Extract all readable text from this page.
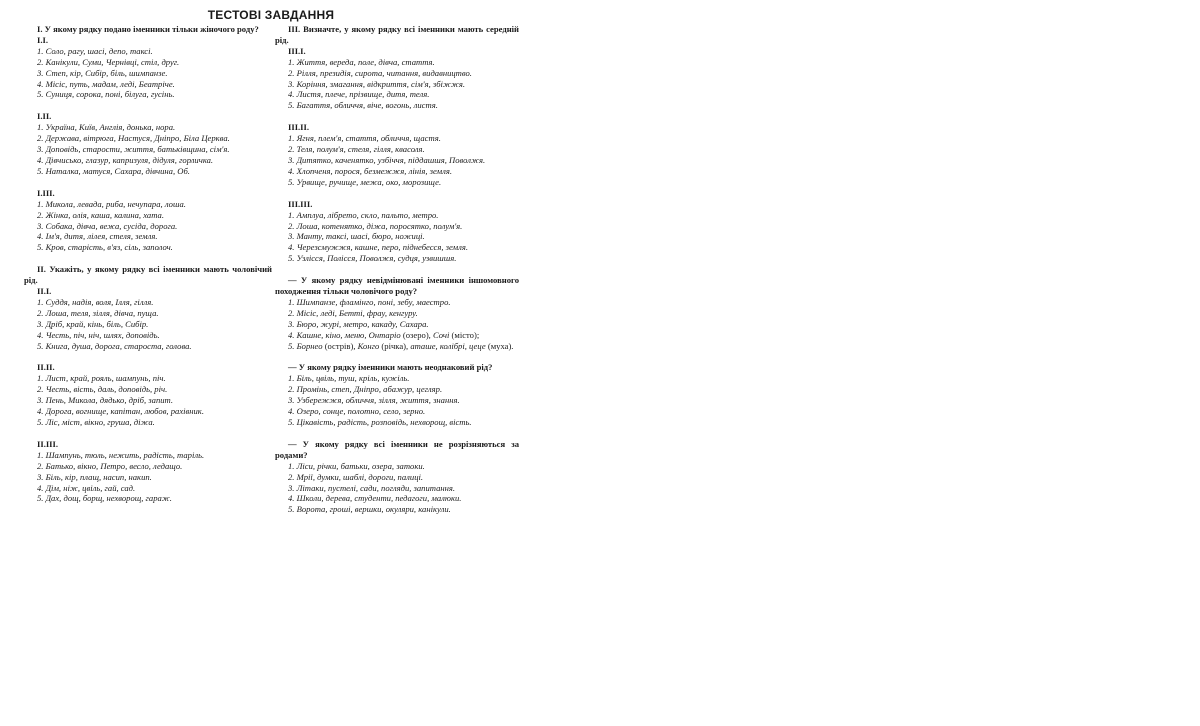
ТЕСТОВІ ЗАВДАННЯ

І. У якому рядку подано іменники тільки жіночого роду?

І.І.

1. Соло, рагу, шасі, депо, таксі.
2. Канікули, Суми, Чернівці, стіл, друг.
3. Степ, кір, Сибір, біль, шимпанзе.
4. Місіс, путь, мадам, леді, Беатріче.
5. Суниця, сорока, поні, білуга, гусінь.

І.ІІ.

1. Україна, Київ, Англія, донька, нора.
2. Держава, вітрюга, Настуся, Дніпро, Біла Церква.
3. Доповідь, старости, життя, батьківщина, сім'я.
4. Дівчисько, глазур, капризуля, дідуля, горличка.
5. Наталка, матуся, Сахара, дівчина, Об.

І.ІІІ.

1. Микола, левада, риба, нечупара, лоша.
2. Жінка, олія, каша, калина, хата.
3. Собака, дівча, вежа, сусіда, дорога.
4. Ім'я, дитя, лілея, стеля, земля.
5. Кров, старість, в'яз, сіль, заполоч.

ІІ. Укажіть, у якому рядку всі іменники мають чоловічий рід.

ІІ.І.

1. Суддя, надія, воля, Ілля, гілля.
2. Лоша, теля, зілля, дівча, пуща.
3. Дріб, край, кінь, біль, Сибір.
4. Честь, піч, ніч, шлях, доповідь.
5. Книга, душа, дорога, староста, голова.

ІІ.ІІ.

1. Лист, край, рояль, шампунь, піч.
2. Честь, вість, даль, доповідь, річ.
3. Пень, Микола, дядько, дріб, запит.
4. Дорога, вогнище, капітан, любов, рахівник.
5. Ліс, міст, вікно, груша, діжа.

ІІ.ІІІ.

1. Шампунь, тюль, нежить, радість, таріль.
2. Батько, вікно, Петро, весло, ледащо.
3. Біль, кір, плащ, насип, накип.
4. Дім, ніж, цвіль, гай, сад.
5. Дах, дощ, борщ, нехворощ, гараж.

ІІІ. Визначте, у якому рядку всі іменники мають середній рід.

ІІІ.І.

1. Життя, вереда, поле, дівча, стаття.
2. Рілля, президія, сирота, читання, видавництво.
3. Коріння, змагання, відкриття, сім'я, збіжжя.
4. Листя, плече, прізвище, дитя, теля.
5. Багаття, обличчя, віче, вогонь, листя.

ІІІ.ІІ.

1. Ягня, плем'я, стаття, обличчя, щастя.
2. Теля, полум'я, стеля, гілля, квасоля.
3. Дитятко, каченятко, узбіччя, піддашшя, Поволжя.
4. Хлопченя, порося, безмежжя, лінія, земля.
5. Урвище, ручище, межа, око, морозище.

ІІІ.ІІІ.

1. Амплуа, лібрето, скло, пальто, метро.
2. Лоша, котенятко, діжа, поросятко, полум'я.
3. Манту, таксі, шасі, бюро, ножиці.
4. Черезсмужжя, кашне, перо, піднебесся, земля.
5. Узлісся, Полісся, Поволжя, судця, узвишшя.

— У якому рядку невідмінювані іменники іншомовного походження тільки чоловічого роду?

1. Шимпанзе, фламінго, поні, зебу, маестро.
2. Місіс, леді, Бетті, фрау, кенгуру.
3. Бюро, журі, метро, какаду, Сахара.
4. Кашне, кіно, меню, Онтаріо (озеро), Сочі (місто);
5. Борнео (острів), Конго (річка), аташе, колібрі, цеце (муха).

— У якому рядку іменники мають неоднаковий рід?

1. Біль, цвіль, туш, кріль, кужіль.
2. Промінь, степ, Дніпро, абажур, цегляр.
3. Узбережжя, обличчя, зілля, життя, знання.
4. Озеро, сонце, полотно, село, зерно.
5. Цікавість, радість, розповідь, нехворощ, вість.

— У якому рядку всі іменники не розрізняються за родами?

1. Ліси, річки, батьки, озера, затоки.
2. Мрії, думки, шаблі, дороги, палиці.
3. Літаки, пустелі, сади, погляди, запитання.
4. Школи, дерева, студенти, педагоги, малюки.
5. Ворота, гроші, вершки, окуляри, канікули.
